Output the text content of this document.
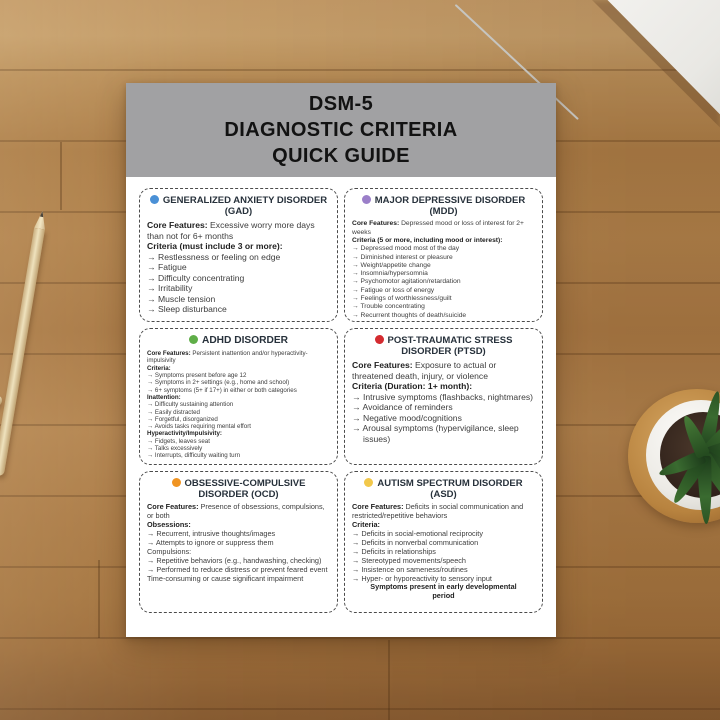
DSM-5
DIAGNOSTIC CRITERIA
QUICK GUIDE
GENERALIZED ANXIETY DISORDER (GAD)
Core Features: Excessive worry more days than not for 6+ months
Criteria (must include 3 or more):
→ Restlessness or feeling on edge
→ Fatigue
→ Difficulty concentrating
→ Irritability
→ Muscle tension
→ Sleep disturbance
MAJOR DEPRESSIVE DISORDER (MDD)
Core Features: Depressed mood or loss of interest for 2+ weeks
Criteria (5 or more, including mood or interest):
→ Depressed mood most of the day
→ Diminished interest or pleasure
→ Weight/appetite change
→ Insomnia/hypersomnia
→ Psychomotor agitation/retardation
→ Fatigue or loss of energy
→ Feelings of worthlessness/guilt
→ Trouble concentrating
→ Recurrent thoughts of death/suicide
ADHD DISORDER
Core Features: Persistent inattention and/or hyperactivity-impulsivity
Criteria:
→ Symptoms present before age 12
→ Symptoms in 2+ settings (e.g., home and school)
→ 6+ symptoms (5+ if 17+) in either or both categories
Inattention:
→ Difficulty sustaining attention
→ Easily distracted
→ Forgetful, disorganized
→ Avoids tasks requiring mental effort
Hyperactivity/Impulsivity:
→ Fidgets, leaves seat
→ Talks excessively
→ Interrupts, difficulty waiting turn
POST-TRAUMATIC STRESS DISORDER (PTSD)
Core Features: Exposure to actual or threatened death, injury, or violence
Criteria (Duration: 1+ month):
→ Intrusive symptoms (flashbacks, nightmares)
→ Avoidance of reminders
→ Negative mood/cognitions
→ Arousal symptoms (hypervigilance, sleep issues)
OBSESSIVE-COMPULSIVE DISORDER (OCD)
Core Features: Presence of obsessions, compulsions, or both
Obsessions:
→ Recurrent, intrusive thoughts/images
→ Attempts to ignore or suppress them
Compulsions:
→ Repetitive behaviors (e.g., handwashing, checking)
→ Performed to reduce distress or prevent feared event
Time-consuming or cause significant impairment
AUTISM SPECTRUM DISORDER (ASD)
Core Features: Deficits in social communication and restricted/repetitive behaviors
Criteria:
→ Deficits in social-emotional reciprocity
→ Deficits in nonverbal communication
→ Deficits in relationships
→ Stereotyped movements/speech
→ Insistence on sameness/routines
→ Hyper- or hyporeactivity to sensory input
Symptoms present in early developmental period
